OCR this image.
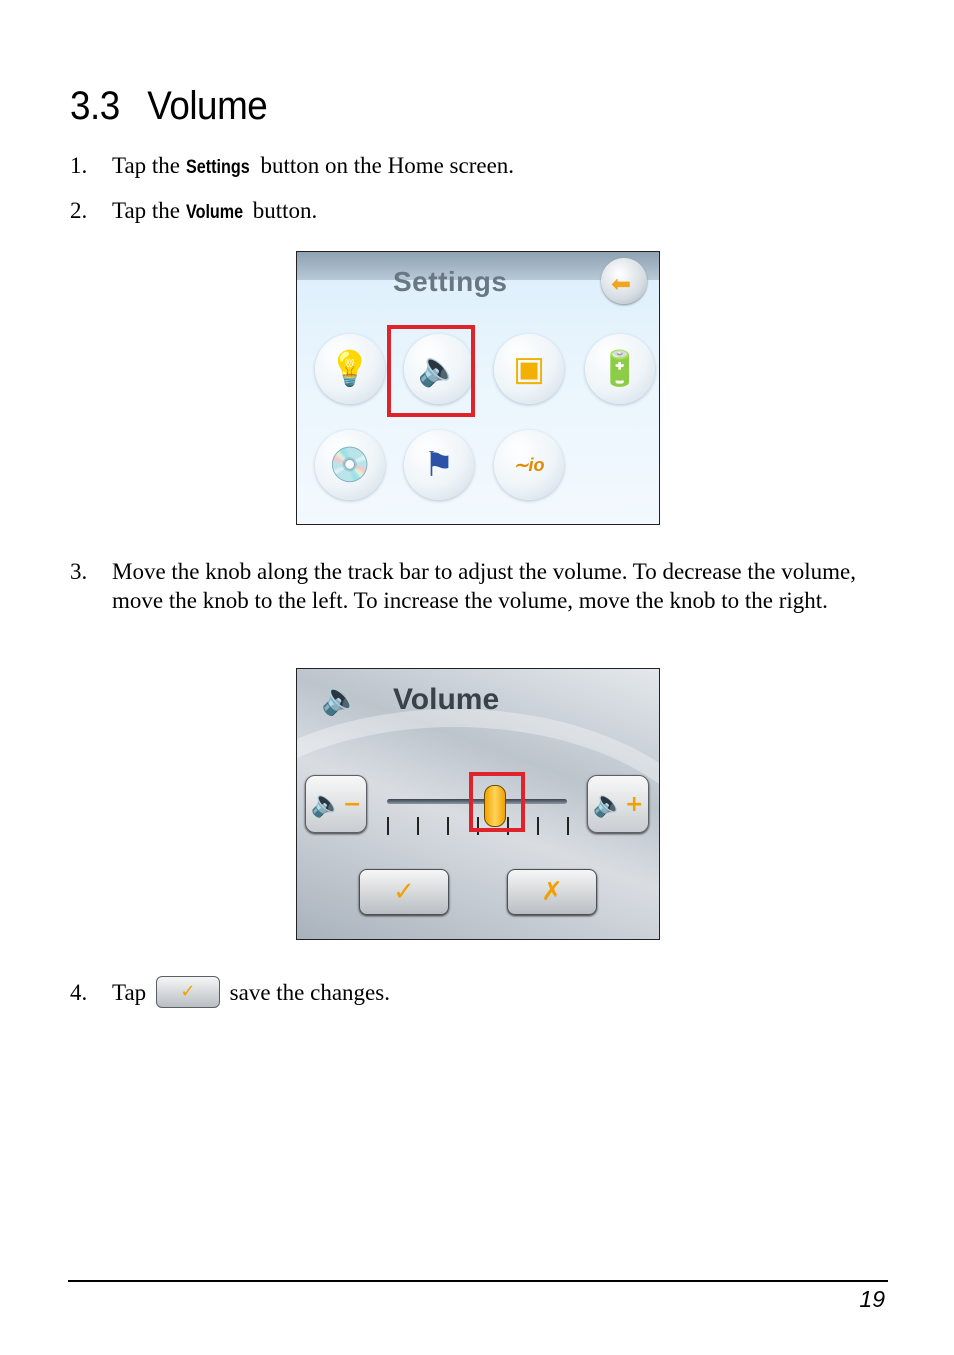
3.3 Volume
1. Tap the Settings button on the Home screen.
2. Tap the Volume button.
Settings	⬅
💡	🔈	▣	🔋
💿	⚑	∼io
3. Move the knob along the track bar to adjust the volume. To decrease the volume, move the knob to the left. To increase the volume, move the knob to the right.
🔈 Volume
🔈 −	🔈 +
✓	✗
4. Tap	✓	save the changes.
19
